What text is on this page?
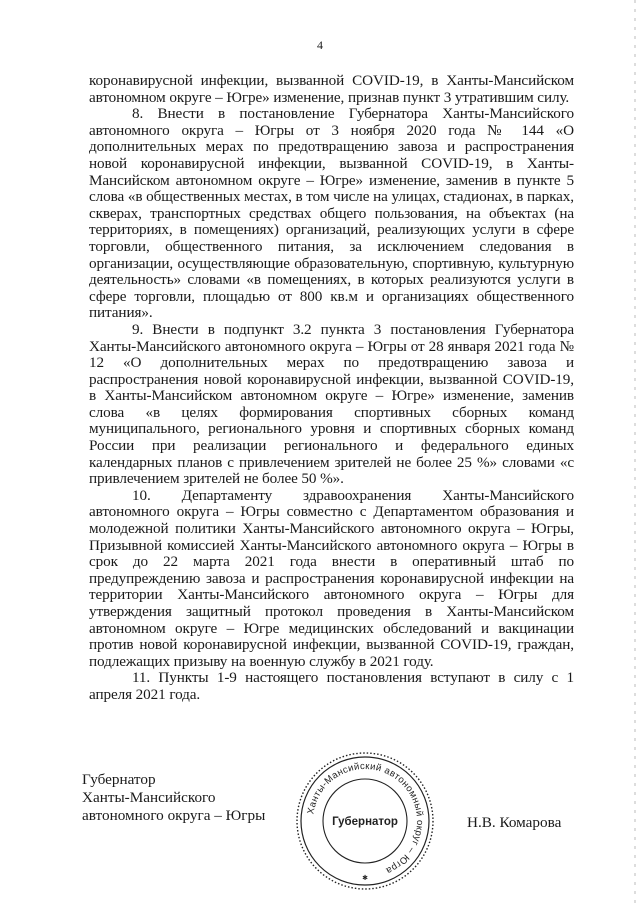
4

коронавирусной инфекции, вызванной COVID-19, в Ханты-Мансийском автономном округе – Югре» изменение, признав пункт 3 утратившим силу.

8. Внести в постановление Губернатора Ханты-Мансийского автономного округа – Югры от 3 ноября 2020 года № 144 «О дополнительных мерах по предотвращению завоза и распространения новой коронавирусной инфекции, вызванной COVID-19, в Ханты-Мансийском автономном округе – Югре» изменение, заменив в пункте 5 слова «в общественных местах, в том числе на улицах, стадионах, в парках, скверах, транспортных средствах общего пользования, на объектах (на территориях, в помещениях) организаций, реализующих услуги в сфере торговли, общественного питания, за исключением следования в организации, осуществляющие образовательную, спортивную, культурную деятельность» словами «в помещениях, в которых реализуются услуги в сфере торговли, площадью от 800 кв.м и организациях общественного питания».

9. Внести в подпункт 3.2 пункта 3 постановления Губернатора Ханты-Мансийского автономного округа – Югры от 28 января 2021 года № 12 «О дополнительных мерах по предотвращению завоза и распространения новой коронавирусной инфекции, вызванной COVID-19, в Ханты-Мансийском автономном округе – Югре» изменение, заменив слова «в целях формирования спортивных сборных команд муниципального, регионального уровня и спортивных сборных команд России при реализации регионального и федерального единых календарных планов с привлечением зрителей не более 25 %» словами «с привлечением зрителей не более 50 %».

10. Департаменту здравоохранения Ханты-Мансийского автономного округа – Югры совместно с Департаментом образования и молодежной политики Ханты-Мансийского автономного округа – Югры, Призывной комиссией Ханты-Мансийского автономного округа – Югры в срок до 22 марта 2021 года внести в оперативный штаб по предупреждению завоза и распространения коронавирусной инфекции на территории Ханты-Мансийского автономного округа – Югры для утверждения защитный протокол проведения в Ханты-Мансийском автономном округе – Югре медицинских обследований и вакцинации против новой коронавирусной инфекции, вызванной COVID-19, граждан, подлежащих призыву на военную службу в 2021 году.

11. Пункты 1-9 настоящего постановления вступают в силу с 1 апреля 2021 года.

Губернатор
Ханты-Мансийского
автономного округа – Югры	Н.В. Комарова
Ханты-Мансийский автономный округ – Югра
Губернатор
✱
